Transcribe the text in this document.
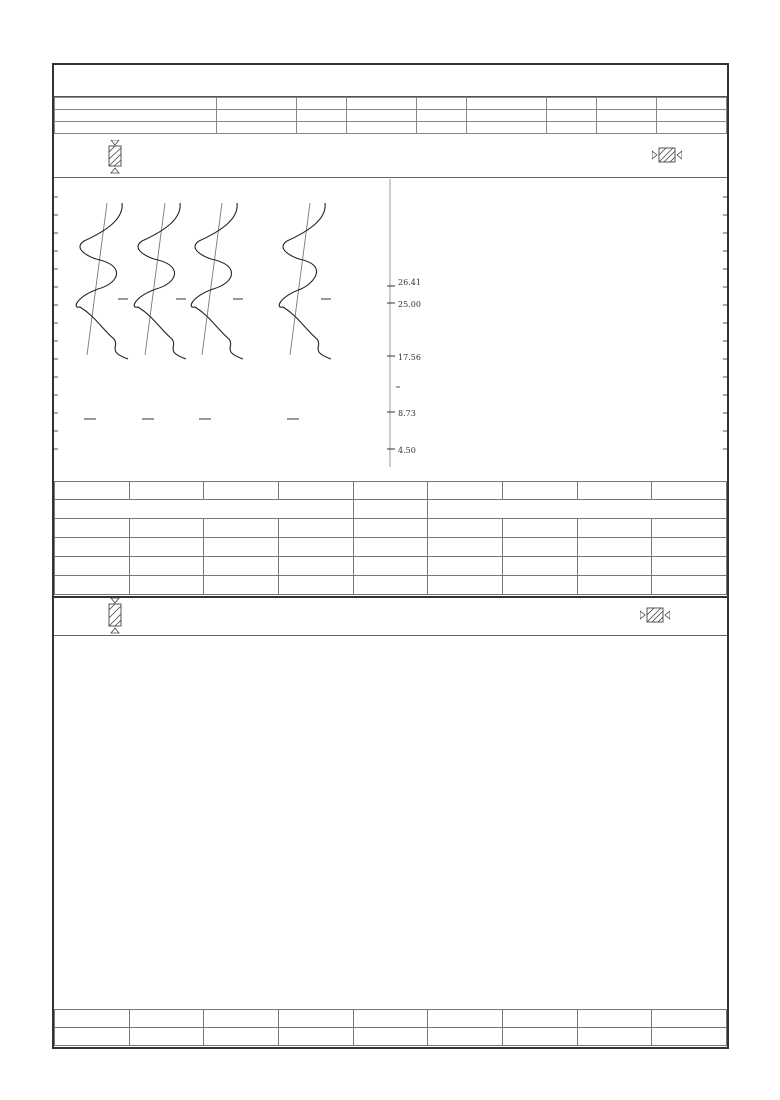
26.41
25.00
17.56
8.73
4.50
